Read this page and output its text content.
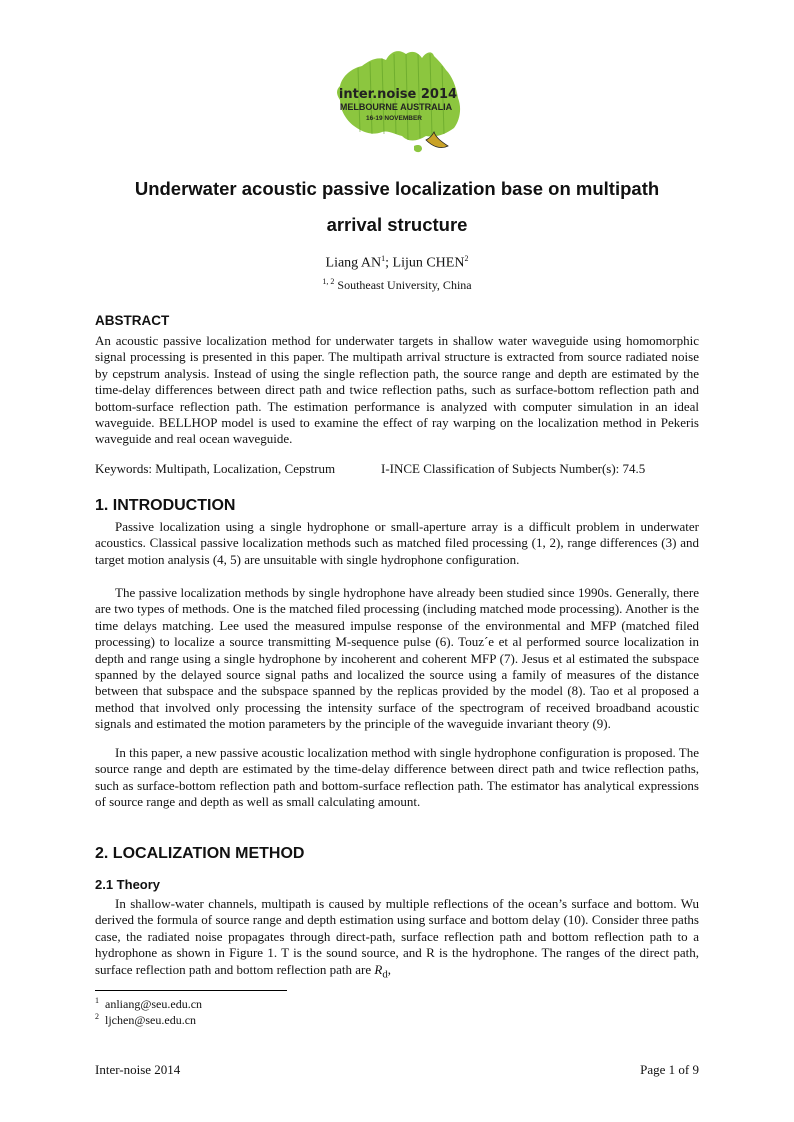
inter.noise 2014
MELBOURNE AUSTRALIA
16-19 NOVEMBER
Underwater acoustic passive localization base on multipath
arrival structure
Liang $AN^1$; Lijun CHEN$^2$
$^{1, 2}$ Southeast University, China
ABSTRACT

An acoustic passive localization method for underwater targets in shallow water waveguide using homomorphic signal processing is presented in this paper. The multipath arrival structure is extracted from source radiated noise by cepstrum analysis. Instead of using the single reflection path, the source range and depth are estimated by the time-delay differences between direct path and twice reflection paths, such as surface-bottom reflection path and bottom-surface reflection path. The estimation performance is analyzed with computer simulation in an ideal waveguide. BELLHOP model is used to examine the effect of ray warping on the localization method in Pekeris waveguide and real ocean waveguide.

Keywords: Multipath, Localization, Cepstrum	I-INCE Classification of Subjects Number(s): 74.5
1. INTRODUCTION

Passive localization using a single hydrophone or small-aperture array is a difficult problem in underwater acoustics. Classical passive localization methods such as matched filed processing (1, 2), range differences (3) and target motion analysis (4, 5) are unsuitable with single hydrophone configuration.

The passive localization methods by single hydrophone have already been studied since 1990s. Generally, there are two types of methods. One is the matched filed processing (including matched mode processing). Another is the time delays matching. Lee used the measured impulse response of the environmental and MFP (matched filed processing) to localize a source transmitting M-sequence pulse (6). Touz´e et al performed source localization in depth and range using a single hydrophone by incoherent and coherent MFP (7). Jesus et al estimated the subspace spanned by the delayed source signal paths and localized the source using a family of measures of the distance between that subspace and the subspace spanned by the replicas provided by the model (8). Tao et al proposed a method that involved only processing the intensity surface of the spectrogram of received broadband acoustic signals and estimated the motion parameters by the principle of the waveguide invariant theory (9).

In this paper, a new passive acoustic localization method with single hydrophone configuration is proposed. The source range and depth are estimated by the time-delay difference between direct path and twice reflection paths, such as surface-bottom reflection path and bottom-surface reflection path. The estimator has analytical expressions of source range and depth as well as small calculating amount.

2. LOCALIZATION METHOD
2.1 Theory

In shallow-water channels, multipath is caused by multiple reflections of the ocean’s surface and bottom. Wu derived the formula of source range and depth estimation using surface and bottom delay (10). Consider three paths case, the radiated noise propagates through direct-path, surface reflection path and bottom reflection path to a hydrophone as shown in Figure 1. T is the sound source, and R is the hydrophone. The ranges of the direct path, surface reflection path and bottom reflection path are $R_d$,

$^1$ anliang@seu.edu.cn
$^2$ ljchen@seu.edu.cn
Inter-noise 2014	Page 1 of 9
